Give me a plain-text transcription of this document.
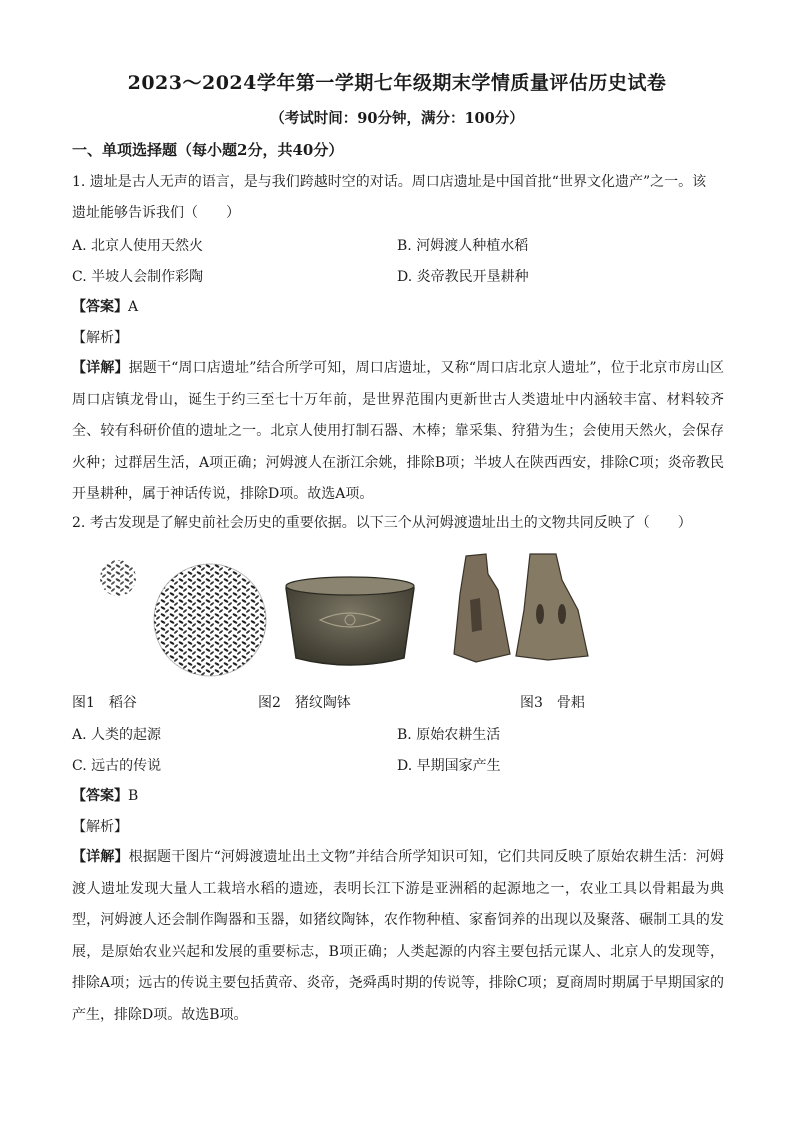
2023～2024学年第一学期七年级期末学情质量评估历史试卷
（考试时间：90分钟，满分：100分）
一、单项选择题（每小题2分，共40分）
1. 遗址是古人无声的语言，是与我们跨越时空的对话。周口店遗址是中国首批“世界文化遗产”之一。该
遗址能够告诉我们（　　）
A. 北京人使用天然火	B. 河姆渡人种植水稻
C. 半坡人会制作彩陶	D. 炎帝教民开垦耕种
【答案】A
【解析】
【详解】据题干“周口店遗址”结合所学可知，周口店遗址，又称“周口店北京人遗址”，位于北京市房山区周口店镇龙骨山，诞生于约三至七十万年前，是世界范围内更新世古人类遗址中内涵较丰富、材料较齐全、较有科研价值的遗址之一。北京人使用打制石器、木棒；靠采集、狩猎为生；会使用天然火，会保存火种；过群居生活，A项正确；河姆渡人在浙江余姚，排除B项；半坡人在陕西西安，排除C项；炎帝教民开垦耕种，属于神话传说，排除D项。故选A项。
2. 考古发现是了解史前社会历史的重要依据。以下三个从河姆渡遗址出土的文物共同反映了（　　）
图1　稻谷	图2　猪纹陶钵	图3　骨耜
A. 人类的起源	B. 原始农耕生活
C. 远古的传说	D. 早期国家产生
【答案】B
【解析】
【详解】根据题干图片“河姆渡遗址出土文物”并结合所学知识可知，它们共同反映了原始农耕生活：河姆渡人遗址发现大量人工栽培水稻的遗迹，表明长江下游是亚洲稻的起源地之一，农业工具以骨耜最为典型，河姆渡人还会制作陶器和玉器，如猪纹陶钵，农作物种植、家畜饲养的出现以及聚落、碾制工具的发展，是原始农业兴起和发展的重要标志，B项正确；人类起源的内容主要包括元谋人、北京人的发现等，排除A项；远古的传说主要包括黄帝、炎帝，尧舜禹时期的传说等，排除C项；夏商周时期属于早期国家的产生，排除D项。故选B项。
